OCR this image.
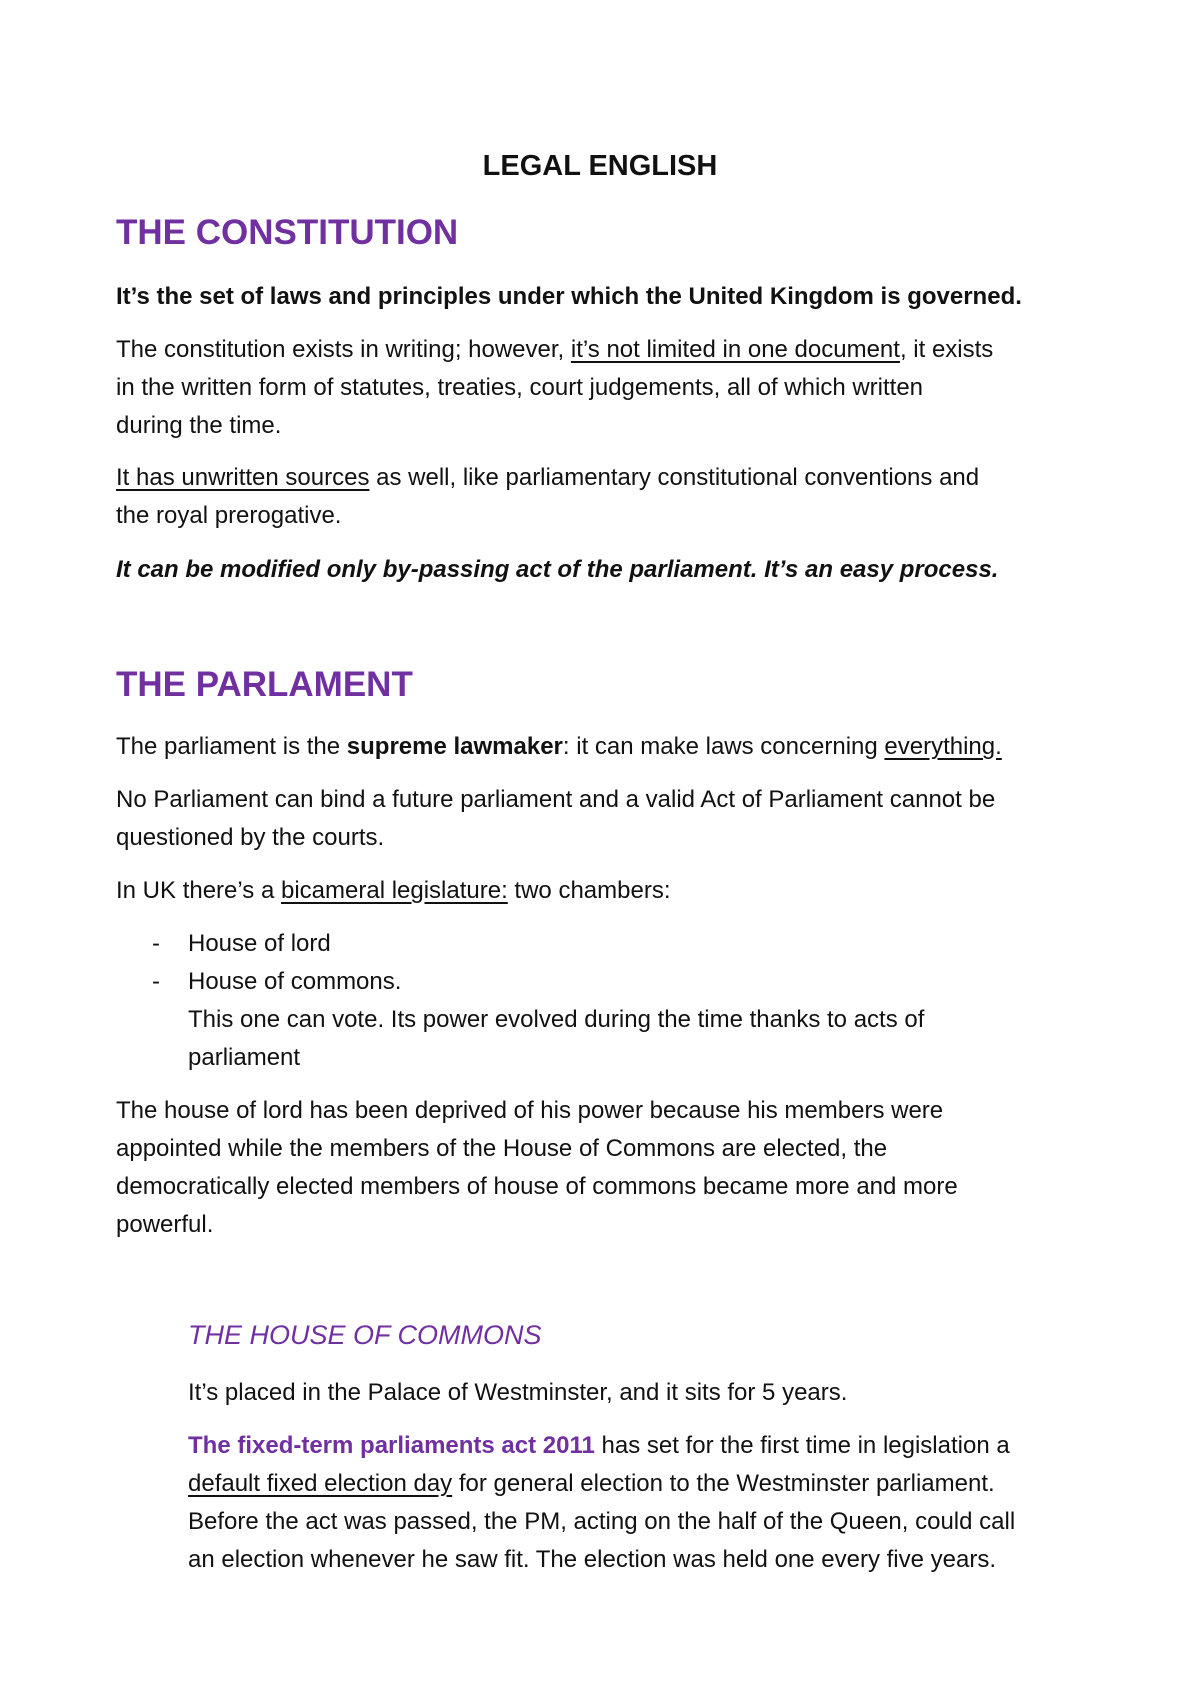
LEGAL ENGLISH
THE CONSTITUTION
It’s the set of laws and principles under which the United Kingdom is governed.
The constitution exists in writing; however, it’s not limited in one document, it exists
in the written form of statutes, treaties, court judgements, all of which written
during the time.
It has unwritten sources as well, like parliamentary constitutional conventions and
the royal prerogative.
It can be modified only by-passing act of the parliament. It’s an easy process.
THE PARLAMENT
The parliament is the supreme lawmaker: it can make laws concerning everything.
No Parliament can bind a future parliament and a valid Act of Parliament cannot be
questioned by the courts.
In UK there’s a bicameral legislature: two chambers:
- House of lord
- House of commons.
This one can vote. Its power evolved during the time thanks to acts of
parliament
The house of lord has been deprived of his power because his members were
appointed while the members of the House of Commons are elected, the
democratically elected members of house of commons became more and more
powerful.
THE HOUSE OF COMMONS
It’s placed in the Palace of Westminster, and it sits for 5 years.
The fixed-term parliaments act 2011 has set for the first time in legislation a
default fixed election day for general election to the Westminster parliament.
Before the act was passed, the PM, acting on the half of the Queen, could call
an election whenever he saw fit. The election was held one every five years.
